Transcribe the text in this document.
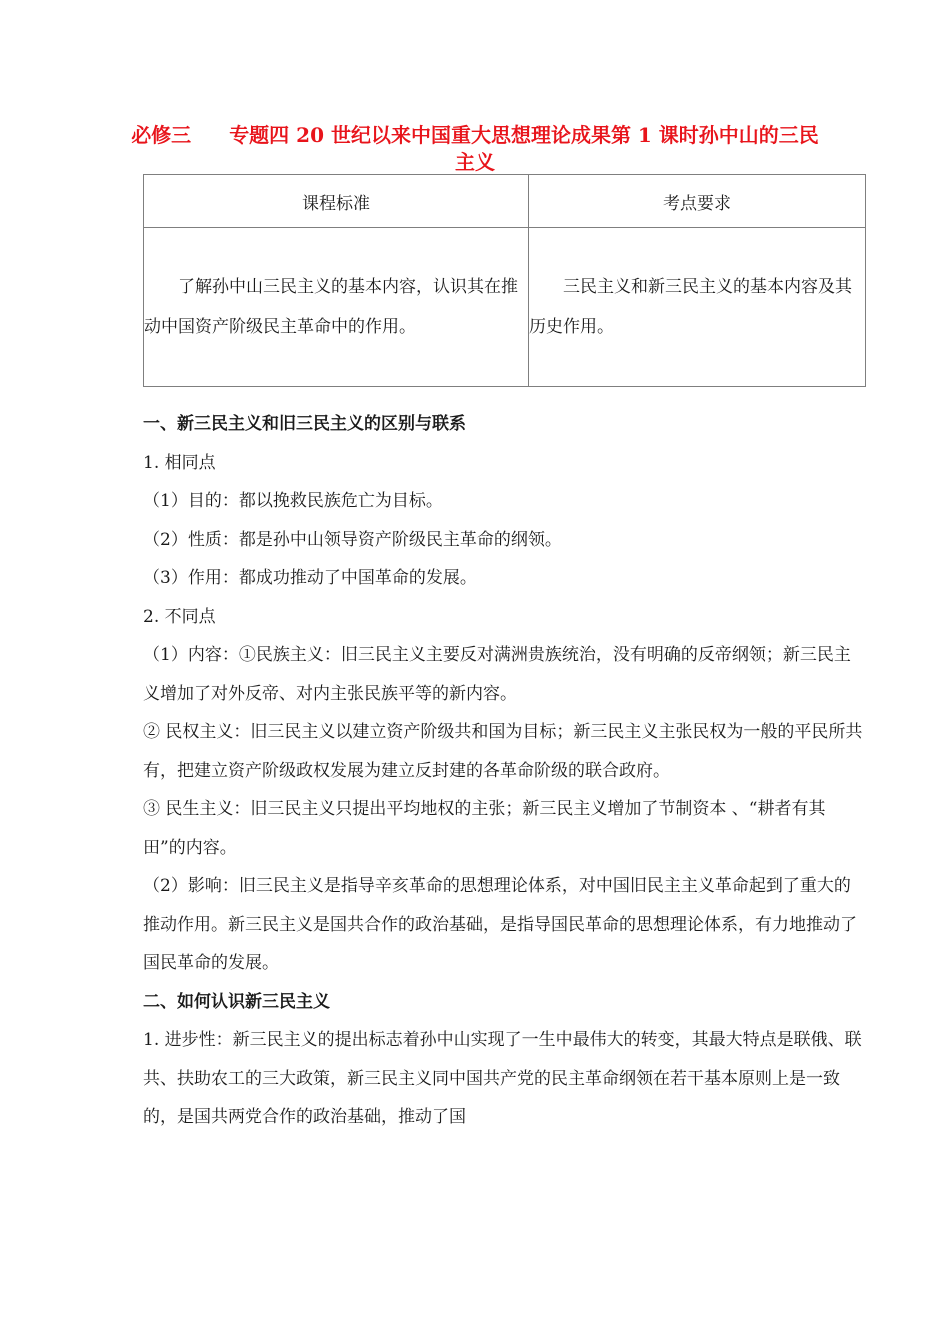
必修三 专题四 20 世纪以来中国重大思想理论成果第 1 课时孙中山的三民主义
课程标准	考点要求
了解孙中山三民主义的基本内容，认识其在推动中国资产阶级民主革命中的作用。	三民主义和新三民主义的基本内容及其历史作用。

一、新三民主义和旧三民主义的区别与联系

1. 相同点

（1）目的：都以挽救民族危亡为目标。

（2）性质：都是孙中山领导资产阶级民主革命的纲领。

（3）作用：都成功推动了中国革命的发展。

2. 不同点

（1）内容：①民族主义：旧三民主义主要反对满洲贵族统治，没有明确的反帝纲领；新三民主义增加了对外反帝、对内主张民族平等的新内容。

② 民权主义：旧三民主义以建立资产阶级共和国为目标；新三民主义主张民权为一般的平民所共有，把建立资产阶级政权发展为建立反封建的各革命阶级的联合政府。

③ 民生主义：旧三民主义只提出平均地权的主张；新三民主义增加了节制资本 、“耕者有其田”的内容。

（2）影响：旧三民主义是指导辛亥革命的思想理论体系，对中国旧民主主义革命起到了重大的推动作用。新三民主义是国共合作的政治基础，是指导国民革命的思想理论体系，有力地推动了国民革命的发展。

二、如何认识新三民主义

1. 进步性：新三民主义的提出标志着孙中山实现了一生中最伟大的转变，其最大特点是联俄、联共、扶助农工的三大政策，新三民主义同中国共产党的民主革命纲领在若干基本原则上是一致的，是国共两党合作的政治基础，推动了国
